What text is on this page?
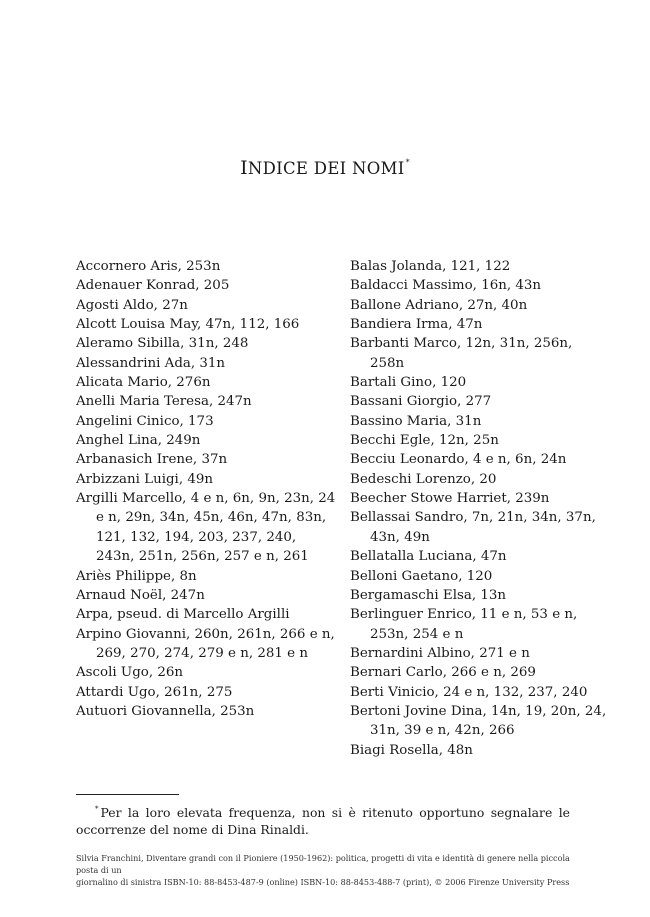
INDICE DEI NOMI*
Accornero Aris, 253n
Adenauer Konrad, 205
Agosti Aldo, 27n
Alcott Louisa May, 47n, 112, 166
Aleramo Sibilla, 31n, 248
Alessandrini Ada, 31n
Alicata Mario, 276n
Anelli Maria Teresa, 247n
Angelini Cinico, 173
Anghel Lina, 249n
Arbanasich Irene, 37n
Arbizzani Luigi, 49n
Argilli Marcello, 4 e n, 6n, 9n, 23n, 24 e n, 29n, 34n, 45n, 46n, 47n, 83n, 121, 132, 194, 203, 237, 240, 243n, 251n, 256n, 257 e n, 261
Ariès Philippe, 8n
Arnaud Noël, 247n
Arpa, pseud. di Marcello Argilli
Arpino Giovanni, 260n, 261n, 266 e n, 269, 270, 274, 279 e n, 281 e n
Ascoli Ugo, 26n
Attardi Ugo, 261n, 275
Autuori Giovannella, 253n
Balas Jolanda, 121, 122
Baldacci Massimo, 16n, 43n
Ballone Adriano, 27n, 40n
Bandiera Irma, 47n
Barbanti Marco, 12n, 31n, 256n, 258n
Bartali Gino, 120
Bassani Giorgio, 277
Bassino Maria, 31n
Becchi Egle, 12n, 25n
Becciu Leonardo, 4 e n, 6n, 24n
Bedeschi Lorenzo, 20
Beecher Stowe Harriet, 239n
Bellassai Sandro, 7n, 21n, 34n, 37n, 43n, 49n
Bellatalla Luciana, 47n
Belloni Gaetano, 120
Bergamaschi Elsa, 13n
Berlinguer Enrico, 11 e n, 53 e n, 253n, 254 e n
Bernardini Albino, 271 e n
Bernari Carlo, 266 e n, 269
Berti Vinicio, 24 e n, 132, 237, 240
Bertoni Jovine Dina, 14n, 19, 20n, 24, 31n, 39 e n, 42n, 266
Biagi Rosella, 48n
* Per la loro elevata frequenza, non si è ritenuto opportuno segnalare le occorrenze del nome di Dina Rinaldi.
Silvia Franchini, Diventare grandi con il Pioniere (1950-1962): politica, progetti di vita e identità di genere nella piccola posta di un
giornalino di sinistra ISBN-10: 88-8453-487-9 (online) ISBN-10: 88-8453-488-7 (print), © 2006 Firenze University Press
